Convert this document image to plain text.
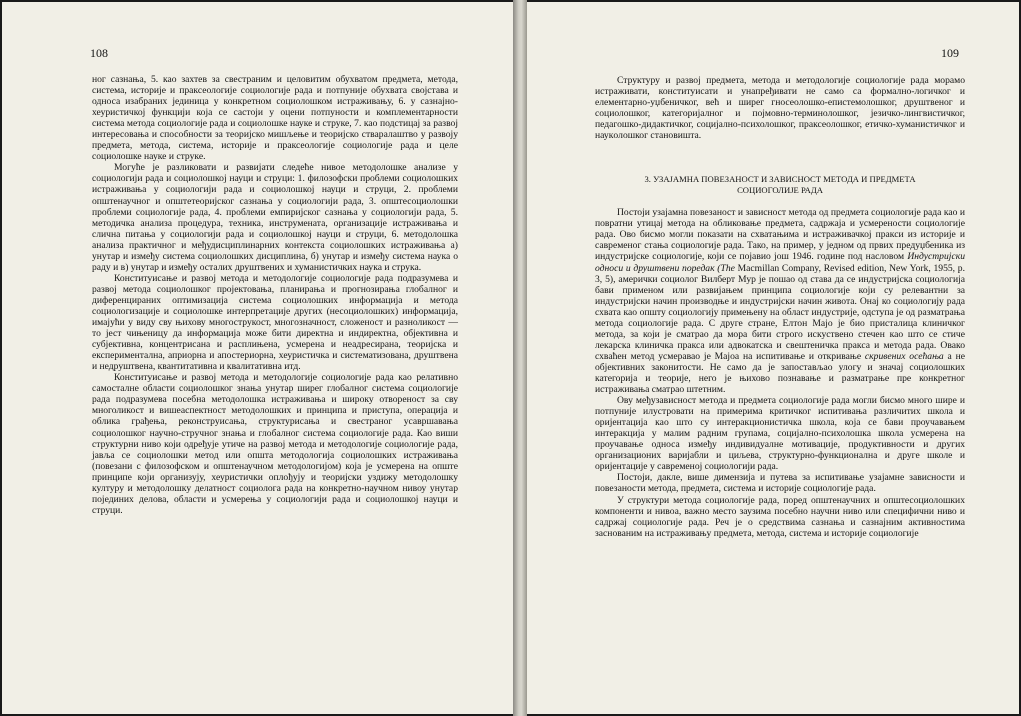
108

ног сазнања, 5. као захтев за свестраним и целовитим обухватом предмета, метода, система, историје и праксеологије социологије рада и потпуније обухвата својстава и односа изабраних јединица у конкретном социолошком истраживању, 6. у сазнајно-хеуристичкој функцији која се састоји у оцени потпуности и комплементарности система метода социологије рада и социолошке науке и струке, 7. као подстицај за развој интересовања и способности за теоријско мишљење и теоријско стваралаштво у развоју предмета, метода, система, историје и праксеологије социологије рада и целе социолошке науке и струке.

Могуће је разликовати и развијати следеће нивое методолошке анализе у социологији рада и социолошкој науци и струци: 1. филозофски проблеми социолошких истраживања у социологији рада и социолошкој науци и струци, 2. проблеми општенаучног и општетеоријског сазнања у социологији рада, 3. општесоциолошки проблеми социологије рада, 4. проблеми емпиријског сазнања у социологији рада, 5. методичка анализа процедура, техника, инструмената, организације истраживања и слична питања у социологији рада и социолошкој науци и струци, 6. методолошка анализа практичног и међудисциплинарних контекста социолошких истраживања а) унутар и између система социолошких дисциплина, б) унутар и између система наука о раду и в) унутар и између осталих друштвених и хуманистичких наука и струка.

Конституисање и развој метода и методологије социологије рада подразумева и развој метода социолошког пројектовања, планирања и прогнозирања глобалног и диференцираних оптимизација система социолошких информација и метода социологизације и социолошке интерпретације других (несоциолошких) информација, имајући у виду сву њихову многострукост, многозначност, сложеност и разноликост — то јест чињеницу да информација може бити директна и индиректна, објективна и субјективна, концентрисана и расплињена, усмерена и неадресирана, теоријска и експериментална, априорна и апостериорна, хеуристичка и систематизована, друштвена и недруштвена, квантитативна и квалитативна итд.

Конституисање и развој метода и методологије социологије рада као релативно самосталне области социолошког знања унутар ширег глобалног система социологије рада подразумева посебна методолошка истраживања и широку отвореност за сву многоликост и вишеаспектност методолошких и принципа и приступа, операција и облика грађења, реконструисања, структурисања и свестраног усавршавања социолошког научно-стручног знања и глобалног система социологије рада. Као виши структурни ниво који одређује утиче на развој метода и методологије социологије рада, јавља се социолошки метод или општа методологија социолошких истраживања (повезани с филозофском и општенаучном методологијом) која је усмерена на опште принципе који организују, хеуристички оплођују и теоријски уздижу методолошку културу и методолошку делатност социолога рада на конкретно-научном нивоу унутар појединих делова, области и усмерења у социологији рада и социолошкој науци и струци.

109

Структуру и развој предмета, метода и методологије социологије рада морамо истраживати, конституисати и унапређивати не само са формално-логичког и елементарно-уџбеничког, већ и ширег гносеолошко-епистемолошког, друштвеног и социолошког, категоријалног и појмовно-терминолошког, језичко-лингвистичког, педагошко-дидактичког, социјално-психолошког, праксеолошког, етичко-хуманистичког и наукoлошког становишта.

3. УЗАЈАМНА ПОВЕЗАНОСТ И ЗАВИСНОСТ МЕТОДА И ПРЕДМЕТА
СОЦИОГОЛИЈЕ РАДА

Постоји узајамна повезаност и зависност метода од предмета социологије рада као и повратни утицај метода на обликовање предмета, садржаја и усмерености социологије рада. Ово бисмо могли показати на схватањима и истраживачкој пракси из историје и савременог стања социологије рада. Тако, на пример, у једном од првих предуџбеника из индустријске социологије, који се појавио још 1946. године под насловом Индустријски односи и друштвени поредак (The Macmillan Company, Revised edition, New York, 1955, p. 3, 5), амерички социолог Вилберт Мур је пошао од става да се индустријска социологија бави применом или развијањем принципа социологије који су релевантни за индустријски начин производње и индустријски начин живота. Онај ко социологију рада схвата као општу социологију примењену на област индустрије, одступа је од разматрања метода социологије рада. С друге стране, Елтон Мајо је био присталица клиничког метода, за који је сматрао да мора бити строго искуствено стечен као што се стиче лекарска клиничка пракса или адвокатска и свештеничка пракса и метода рада. Овако схваћен метод усмеравао је Мајоа на испитивање и откривање скривених осећања а не објективних законитости. Не само да је запостављао улогу и значај социолошких категорија и теорије, него је њихово познавање и разматрање пре конкретног истраживања сматрао штетним.

Ову међузависност метода и предмета социологије рада могли бисмо много шире и потпуније илустровати на примерима критичког испитивања различитих школа и оријентација као што су интеракционистичка школа, која се бави проучавањем интеракција у малим радним групама, социјално-психолошка школа усмерена на проучавање односа између индивидуалне мотивације, продуктивности и других организационих варијабли и циљева, структурно-функционална и друге школе и оријентације у савременој социологији рада.

Постоји, дакле, више димензија и путева за испитивање узајамне зависности и повезаности метода, предмета, система и историје социологије рада.

У структури метода социологије рада, поред општенаучних и општесоциолошких компоненти и нивоа, важно место заузима посебно научни ниво или специфични ниво и садржај социологије рада. Реч је о средствима сазнања и сазнајним активностима заснованим на истраживању предмета, метода, система и историје социологије
